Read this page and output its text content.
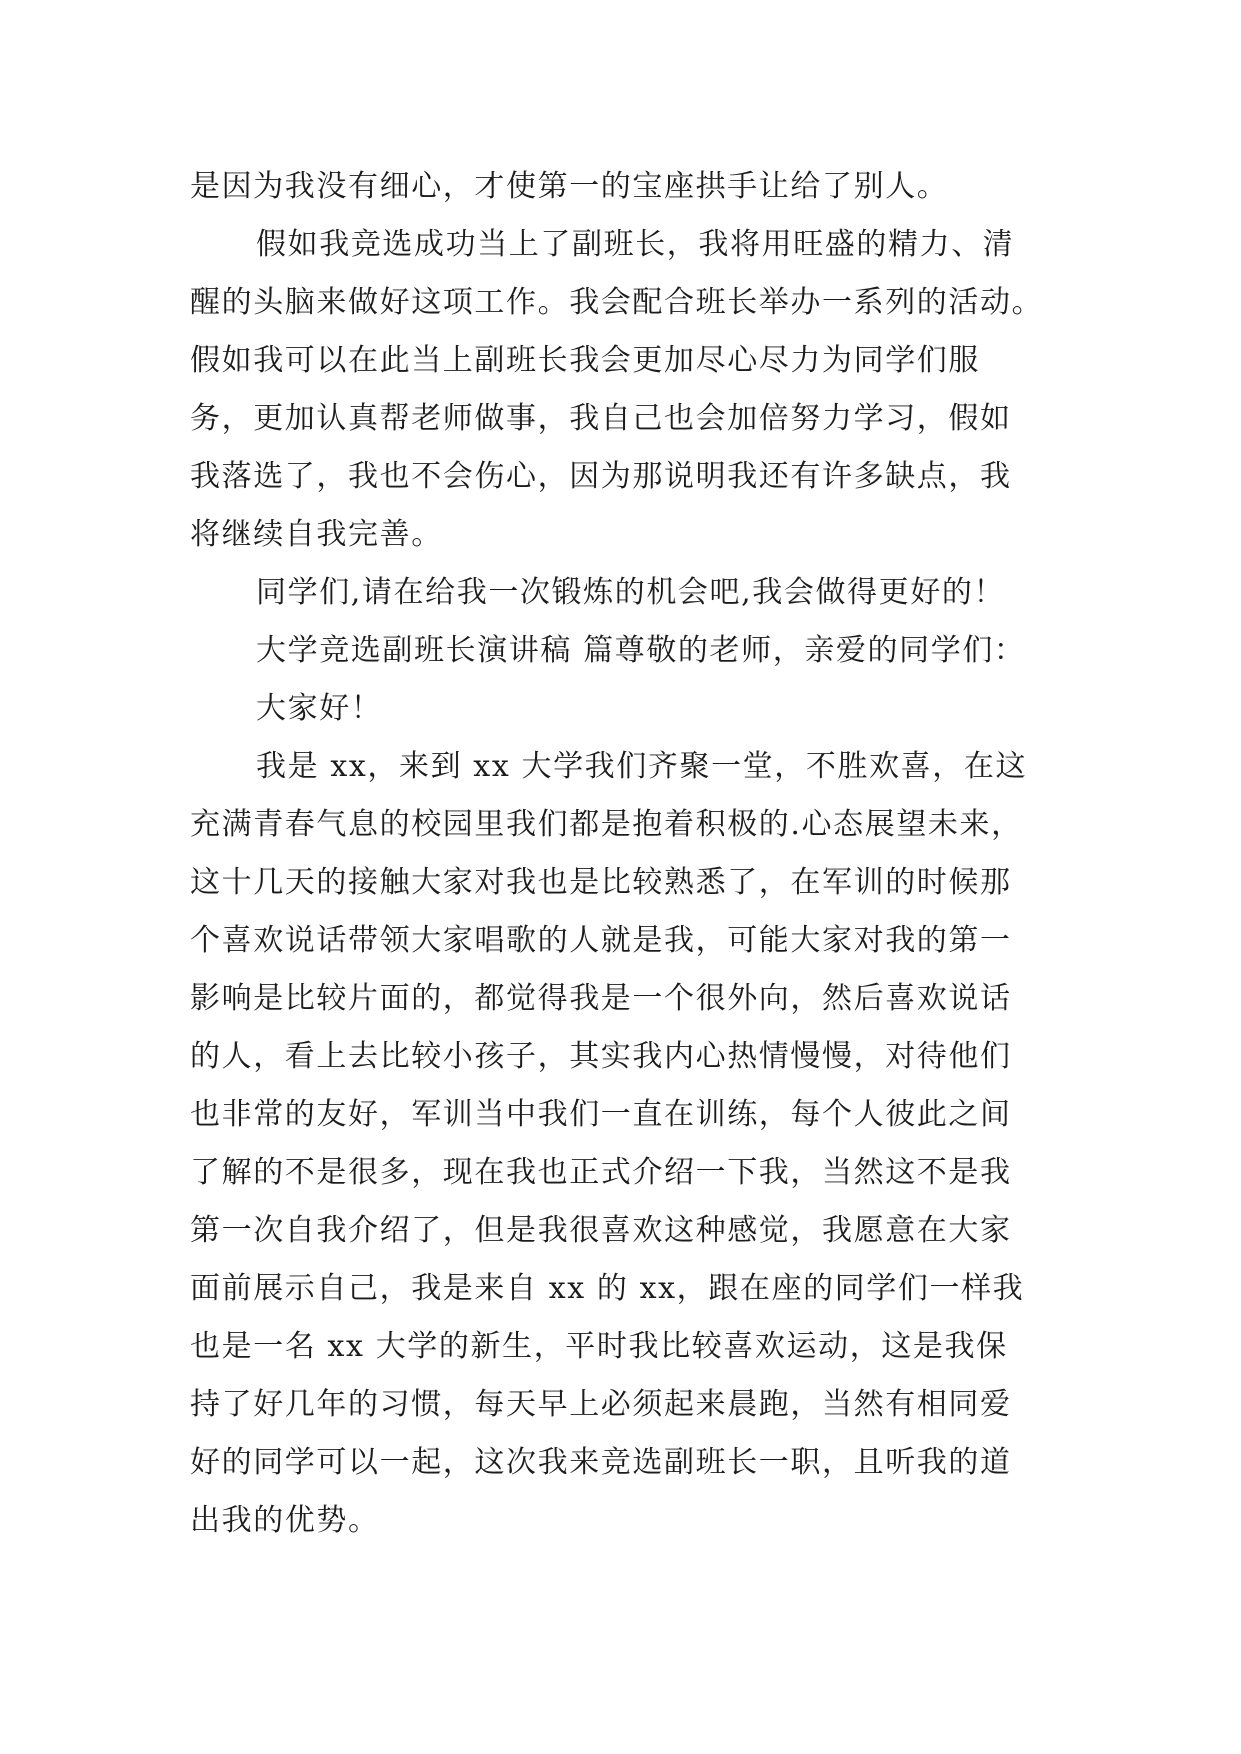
是因为我没有细心，才使第一的宝座拱手让给了别人。
假如我竞选成功当上了副班长，我将用旺盛的精力、清
醒的头脑来做好这项工作。我会配合班长举办一系列的活动。
假如我可以在此当上副班长我会更加尽心尽力为同学们服
务，更加认真帮老师做事，我自己也会加倍努力学习，假如
我落选了，我也不会伤心，因为那说明我还有许多缺点，我
将继续自我完善。
同学们,请在给我一次锻炼的机会吧,我会做得更好的！
大学竞选副班长演讲稿 篇尊敬的老师，亲爱的同学们：
大家好！
我是 xx，来到 xx 大学我们齐聚一堂，不胜欢喜，在这
充满青春气息的校园里我们都是抱着积极的.心态展望未来，
这十几天的接触大家对我也是比较熟悉了，在军训的时候那
个喜欢说话带领大家唱歌的人就是我，可能大家对我的第一
影响是比较片面的，都觉得我是一个很外向，然后喜欢说话
的人，看上去比较小孩子，其实我内心热情慢慢，对待他们
也非常的友好，军训当中我们一直在训练，每个人彼此之间
了解的不是很多，现在我也正式介绍一下我，当然这不是我
第一次自我介绍了，但是我很喜欢这种感觉，我愿意在大家
面前展示自己，我是来自 xx 的 xx，跟在座的同学们一样我
也是一名 xx 大学的新生，平时我比较喜欢运动，这是我保
持了好几年的习惯，每天早上必须起来晨跑，当然有相同爱
好的同学可以一起，这次我来竞选副班长一职，且听我的道
出我的优势。
